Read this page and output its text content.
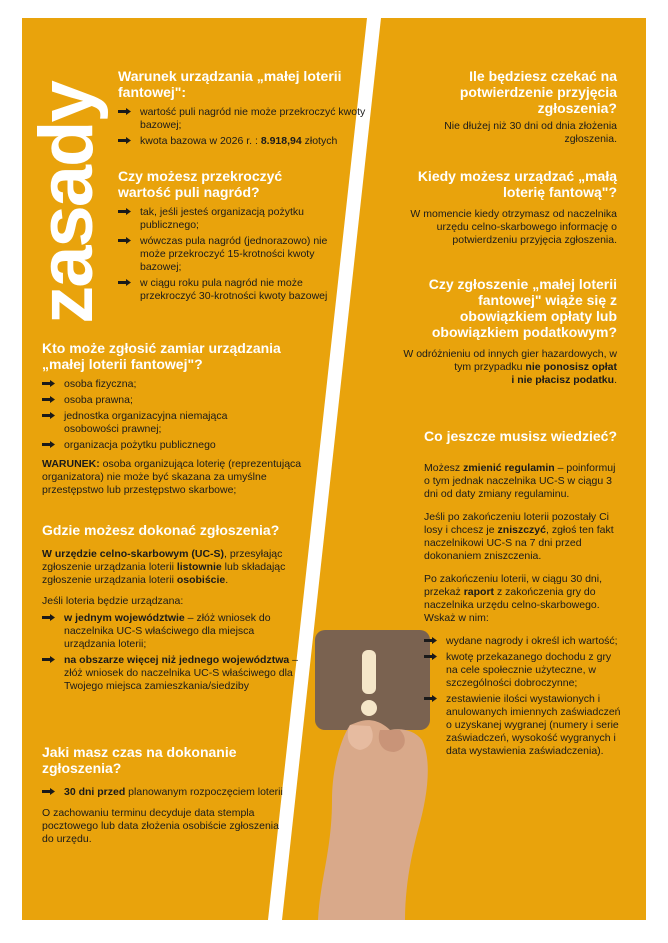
zasady
Warunek urządzania „małej loterii fantowej":
wartość puli nagród nie może przekroczyć kwoty bazowej;
kwota bazowa w 2026 r. : 8.918,94 złotych
Czy możesz przekroczyć wartość puli nagród?
tak, jeśli jesteś organizacją pożytku publicznego;
wówczas pula nagród (jednorazowo) nie może przekroczyć 15-krotności kwoty bazowej;
w ciągu roku pula nagród nie może przekroczyć 30-krotności kwoty bazowej
Kto może zgłosić zamiar urządzania „małej loterii fantowej"?
osoba fizyczna;
osoba prawna;
jednostka organizacyjna niemająca osobowości prawnej;
organizacja pożytku publicznego

WARUNEK: osoba organizująca loterię (reprezentująca organizatora) nie może być skazana za umyślne przestępstwo lub przestępstwo skarbowe;

Gdzie możesz dokonać zgłoszenia?

W urzędzie celno-skarbowym (UC-S), przesyłając zgłoszenie urządzania loterii listownie lub składając zgłoszenie urządzania loterii osobiście.

Jeśli loteria będzie urządzana:

w jednym województwie – złóż wniosek do naczelnika UC-S właściwego dla miejsca urządzania loterii;
na obszarze więcej niż jednego województwa – złóż wniosek do naczelnika UC-S właściwego dla Twojego miejsca zamieszkania/siedziby
Jaki masz czas na dokonanie zgłoszenia?
30 dni przed planowanym rozpoczęciem loterii

O zachowaniu terminu decyduje data stempla pocztowego lub data złożenia osobiście zgłoszenia do urzędu.

Ile będziesz czekać na potwierdzenie przyjęcia zgłoszenia?

Nie dłużej niż 30 dni od dnia złożenia zgłoszenia.

Kiedy możesz urządzać „małą loterię fantową"?

W momencie kiedy otrzymasz od naczelnika urzędu celno-skarbowego informację o potwierdzeniu przyjęcia zgłoszenia.

Czy zgłoszenie „małej loterii fantowej" wiąże się z obowiązkiem opłaty lub obowiązkiem podatkowym?

W odróżnieniu od innych gier hazardowych, w tym przypadku nie ponosisz opłat
i nie płacisz podatku.

Co jeszcze musisz wiedzieć?

Możesz zmienić regulamin – poinformuj o tym jednak naczelnika UC-S w ciągu 3 dni od daty zmiany regulaminu.

Jeśli po zakończeniu loterii pozostały Ci losy i chcesz je zniszczyć, zgłoś ten fakt naczelnikowi UC-S na 7 dni przed dokonaniem zniszczenia.

Po zakończeniu loterii, w ciągu 30 dni, przekaż raport z zakończenia gry do naczelnika urzędu celno-skarbowego. Wskaż w nim:

wydane nagrody i określ ich wartość;
kwotę przekazanego dochodu z gry na cele społecznie użyteczne, w szczególności dobroczynne;
zestawienie ilości wystawionych i anulowanych imiennych zaświadczeń o uzyskanej wygranej (numery i serie zaświadczeń, wysokość wygranych i data wystawienia zaświadczenia).
